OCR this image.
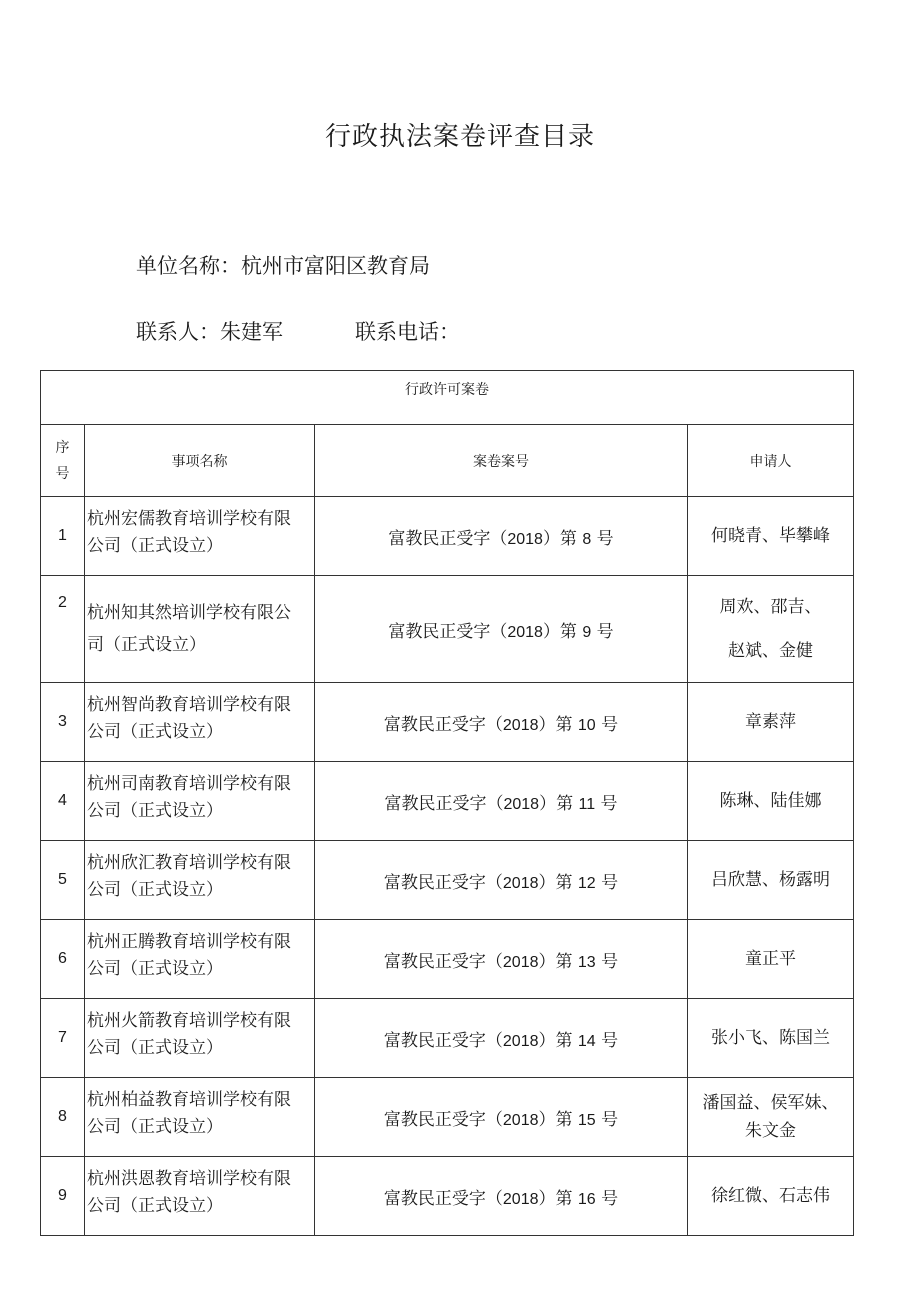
行政执法案卷评查目录
单位名称：杭州市富阳区教育局
联系人：朱建军	联系电话：
行政许可案卷			
序
号	事项名称	案卷案号	申请人
1	杭州宏儒教育培训学校有限
公司（正式设立）	富教民正受字（2018）第 8 号	何晓青、毕攀峰
2	杭州知其然培训学校有限公
司（正式设立）	富教民正受字（2018）第 9 号	周欢、邵吉、
赵斌、金健
3	杭州智尚教育培训学校有限
公司（正式设立）	富教民正受字（2018）第 10 号	章素萍
4	杭州司南教育培训学校有限
公司（正式设立）	富教民正受字（2018）第 11 号	陈琳、陆佳娜
5	杭州欣汇教育培训学校有限
公司（正式设立）	富教民正受字（2018）第 12 号	吕欣慧、杨露明
6	杭州正腾教育培训学校有限
公司（正式设立）	富教民正受字（2018）第 13 号	童正平
7	杭州火箭教育培训学校有限
公司（正式设立）	富教民正受字（2018）第 14 号	张小飞、陈国兰
8	杭州柏益教育培训学校有限
公司（正式设立）	富教民正受字（2018）第 15 号	潘国益、侯军妹、
朱文金
9	杭州洪恩教育培训学校有限
公司（正式设立）	富教民正受字（2018）第 16 号	徐红微、石志伟
